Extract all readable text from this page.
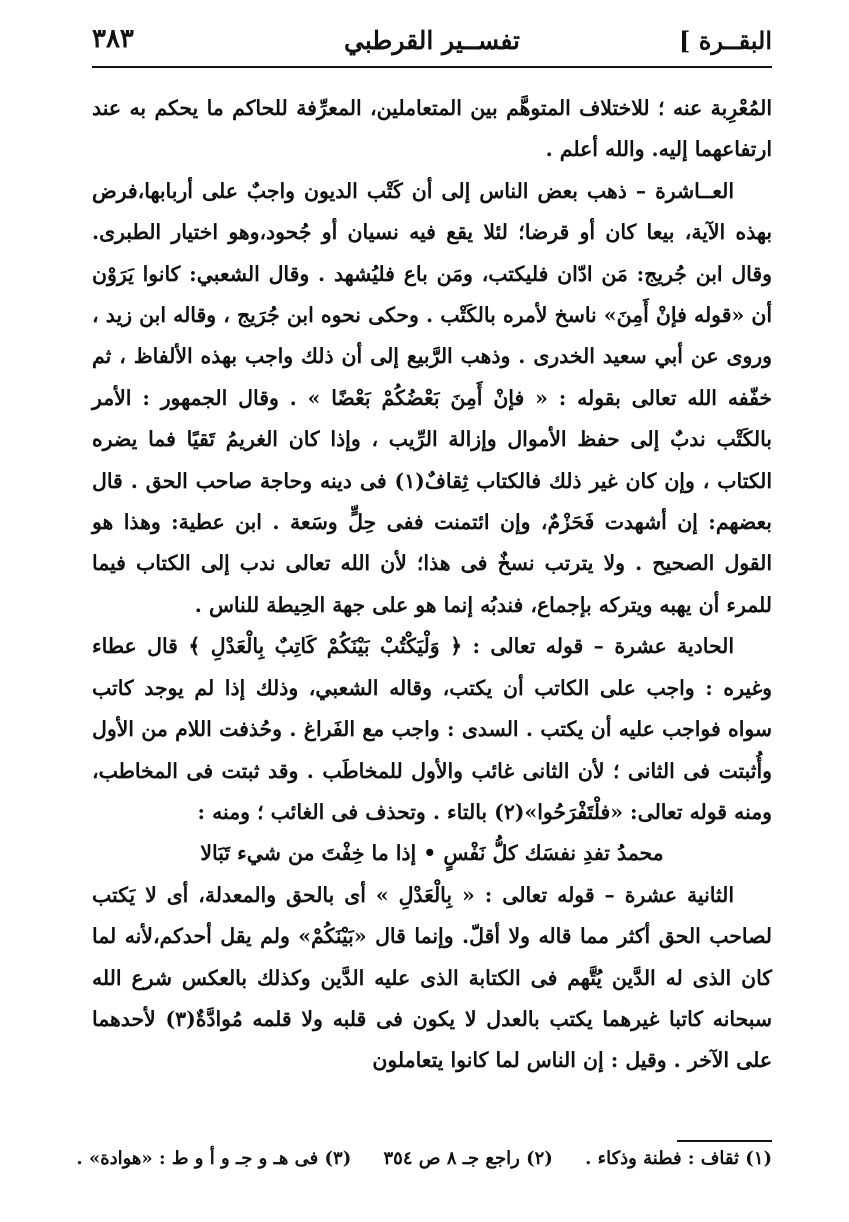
البقــرة ]
تفســير القرطبي
٣٨٣

المُعْرِبة عنه ؛ للاختلاف المتوهَّم بين المتعاملين، المعرِّفة للحاكم ما يحكم به عند ارتفاعهما إليه. والله أعلم .

العــاشرة – ذهب بعض الناس إلى أن كَتْب الديون واجبٌ على أربابها،فرض بهذه الآية، بيعا كان أو قرضا؛ لئلا يقع فيه نسيان أو جُحود،وهو اختيار الطبرى. وقال ابن جُريج: مَن ادّان فليكتب، ومَن باع فليُشهد . وقال الشعبي: كانوا يَرَوْن أن «قوله فإنْ أَمِنَ» ناسخ لأمره بالكَتْب . وحكى نحوه ابن جُرَيج ، وقاله ابن زيد ، وروى عن أبي سعيد الخدرى . وذهب الرَّبيع إلى أن ذلك واجب بهذه الألفاظ ، ثم خفّفه الله تعالى بقوله : « فإنْ أَمِنَ بَعْضُكُمْ بَعْضًا » . وقال الجمهور : الأمر بالكَتْب ندبٌ إلى حفظ الأموال وإزالة الرِّيب ، وإذا كان الغريمُ تَقيًا فما يضره الكتاب ، وإن كان غير ذلك فالكتاب ثِقافٌ(١) فى دينه وحاجة صاحب الحق . قال بعضهم: إن أشهدت فَحَزْمٌ، وإن ائتمنت ففى حِلٍّ وسَعة . ابن عطية: وهذا هو القول الصحيح . ولا يترتب نسخٌ فى هذا؛ لأن الله تعالى ندب إلى الكتاب فيما للمرء أن يهبه ويتركه بإجماع، فندبُه إنما هو على جهة الحِيطة للناس .

الحادية عشرة – قوله تعالى : ﴿ وَلْيَكْتُبْ بَيْنَكُمْ كَاتِبٌ بِالْعَدْلِ ﴾ قال عطاء وغيره : واجب على الكاتب أن يكتب، وقاله الشعبي، وذلك إذا لم يوجد كاتب سواه فواجب عليه أن يكتب . السدى : واجب مع الفَراغ . وحُذفت اللام من الأول وأُثبتت فى الثانى ؛ لأن الثانى غائب والأول للمخاطَب . وقد ثبتت فى المخاطب، ومنه قوله تعالى: «فلْتَفْرَحُوا»(٢) بالتاء . وتحذف فى الغائب ؛ ومنه :

محمدُ تفدِ نفسَك كلُّ نَفْسٍ • إذا ما خِفْتَ من شيء تَبَالا

الثانية عشرة – قوله تعالى : « بِالْعَدْلِ » أى بالحق والمعدلة، أى لا يَكتب لصاحب الحق أكثر مما قاله ولا أقلّ. وإنما قال «بَيْنَكُمْ» ولم يقل أحدكم،لأنه لما كان الذى له الدَّين يُتَّهم فى الكتابة الذى عليه الدَّين وكذلك بالعكس شرع الله سبحانه كاتبا غيرهما يكتب بالعدل لا يكون فى قلبه ولا قلمه مُوادَّةٌ(٣) لأحدهما على الآخر . وقيل : إن الناس لما كانوا يتعاملون

(١) ثقاف : فطنة وذكاء . (٢) راجع جـ ٨ ص ٣٥٤ (٣) فى هـ و جـ و أ و ط : «هوادة» .
